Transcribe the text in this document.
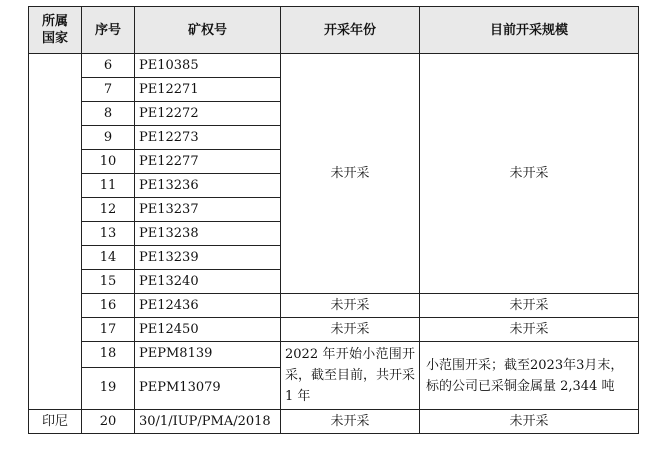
所属国家	序号	矿权号	开采年份	目前开采规模
	6	PE10385	未开采	未开采
	7	PE12271		
	8	PE12272		
	9	PE12273		
	10	PE12277		
	11	PE13236		
	12	PE13237		
	13	PE13238		
	14	PE13239		
	15	PE13240		
	16	PE12436	未开采	未开采
	17	PE12450	未开采	未开采
	18	PEPM8139	2022 年开始小范围开采，截至目前，共开采 1 年	小范围开采；截至2023年3月末，标的公司已采铜金属量 2,344 吨
	19	PEPM13079		
印尼	20	30/1/IUP/PMA/2018	未开采	未开采
